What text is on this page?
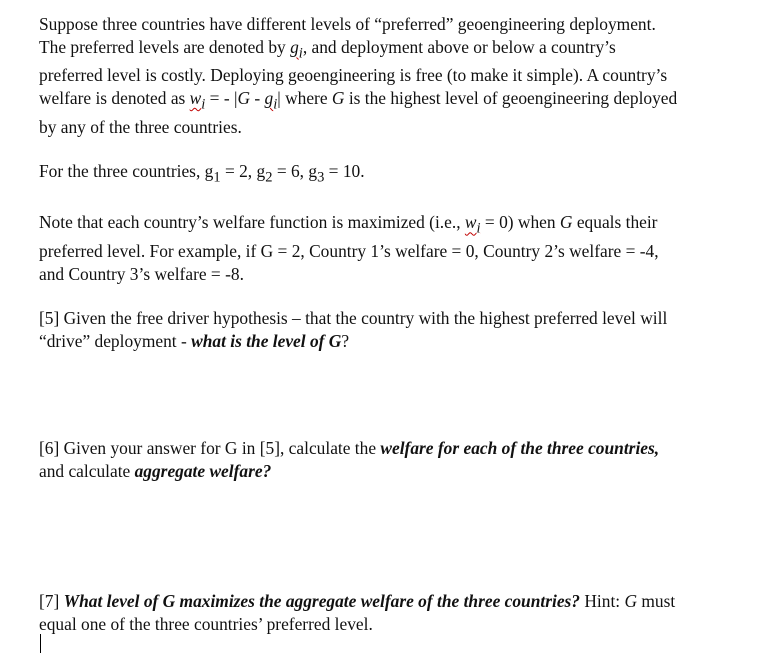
Suppose three countries have different levels of “preferred” geoengineering deployment.

The preferred levels are denoted by $g_i$, and deployment above or below a country’s

preferred level is costly. Deploying geoengineering is free (to make it simple). A country’s

welfare is denoted as $w_i$ = - $|G - g_i|$ where G is the highest level of geoengineering deployed

by any of the three countries.

For the three countries, $g_1 = 2$, $g_2 = 6$, $g_3 = 10$.

Note that each country’s welfare function is maximized (i.e., $w_i = 0$) when G equals their

preferred level. For example, if G = 2, Country 1’s welfare = 0, Country 2’s welfare = -4,

and Country 3’s welfare = -8.

[5] Given the free driver hypothesis – that the country with the highest preferred level will

“drive” deployment - what is the level of G?

[6] Given your answer for G in [5], calculate the welfare for each of the three countries,

and calculate aggregate welfare?

[7] What level of G maximizes the aggregate welfare of the three countries? Hint: G must

equal one of the three countries’ preferred level.
